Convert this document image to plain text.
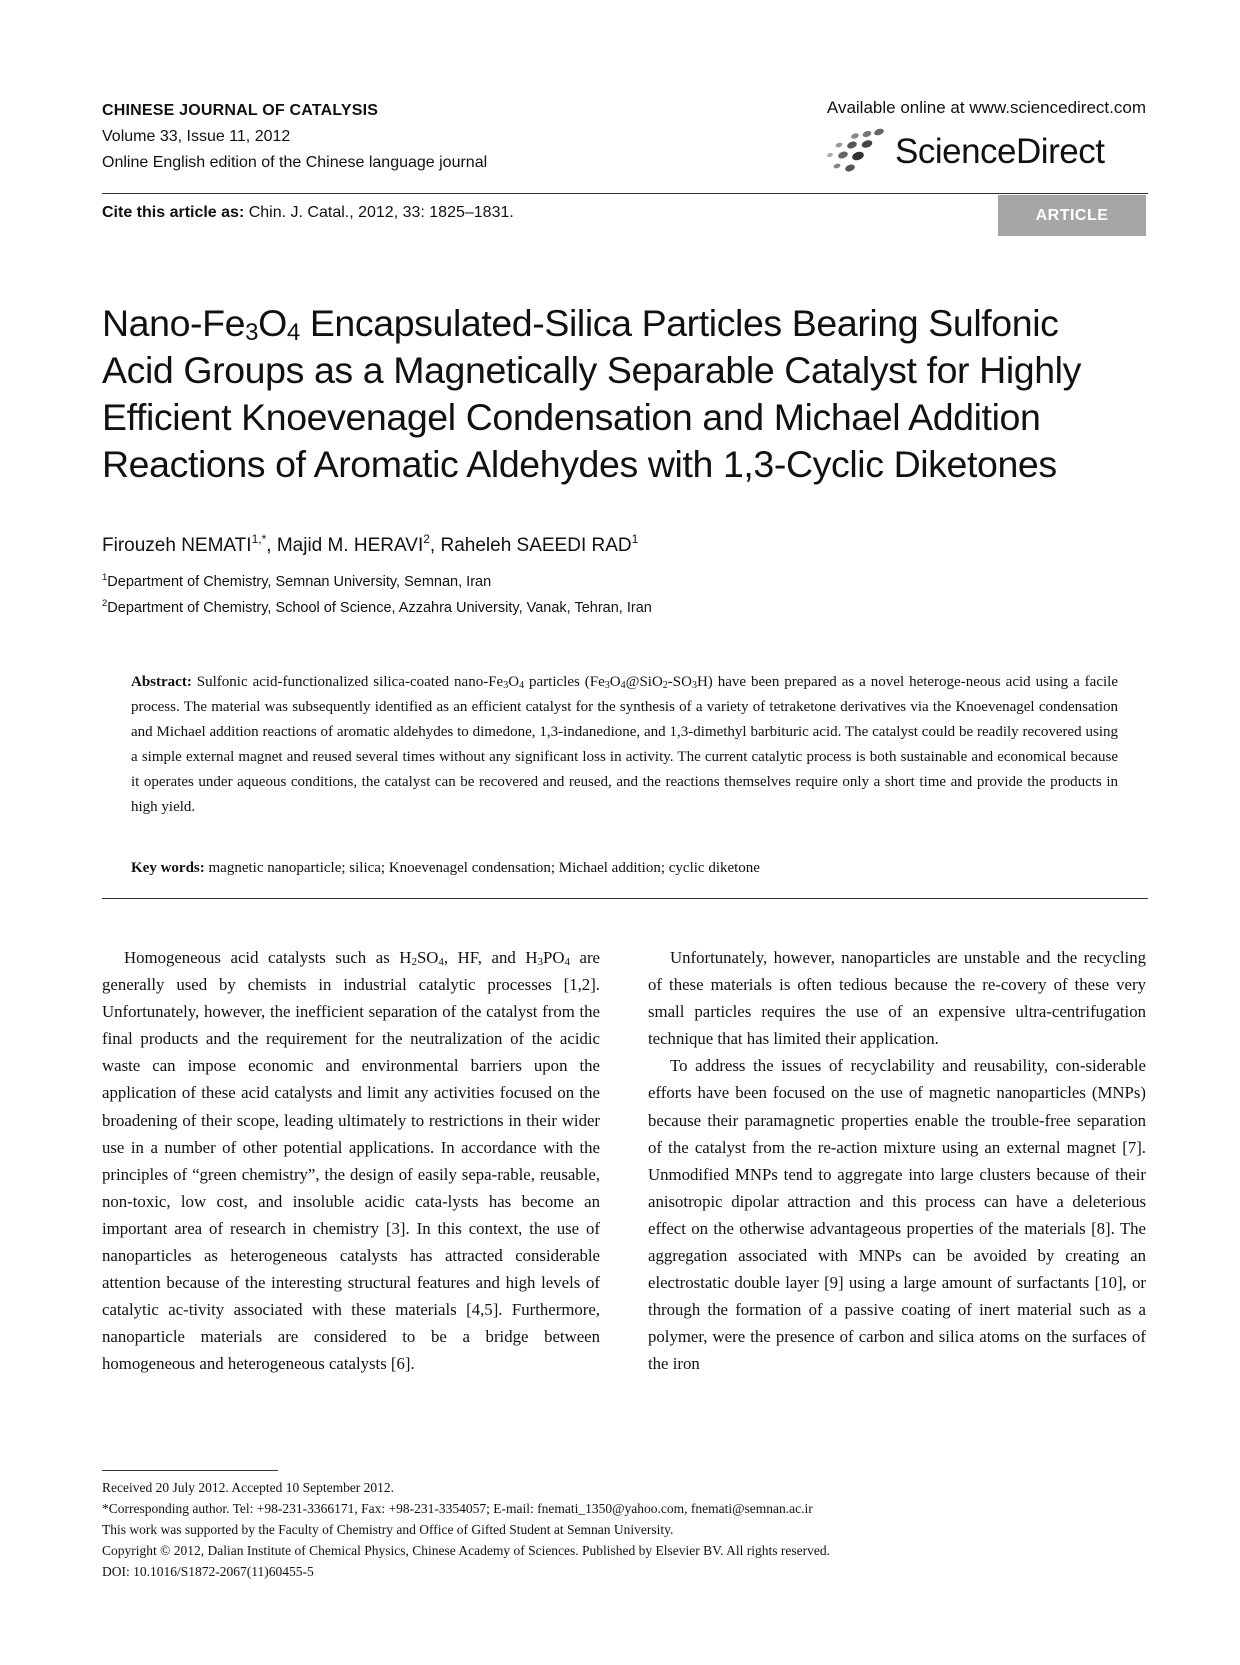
CHINESE JOURNAL OF CATALYSIS
Volume 33, Issue 11, 2012
Online English edition of the Chinese language journal
Available online at www.sciencedirect.com
ScienceDirect
Cite this article as: Chin. J. Catal., 2012, 33: 1825–1831.	ARTICLE
Nano-$Fe_3O_4$ Encapsulated-Silica Particles Bearing Sulfonic
Acid Groups as a Magnetically Separable Catalyst for Highly
Efficient Knoevenagel Condensation and Michael Addition
Reactions of Aromatic Aldehydes with 1,3-Cyclic Diketones
Firouzeh $NEMATI^{1,*}$, Majid M. HERAVI$^2$, Raheleh SAEEDI RAD$^1$
$^1$Department of Chemistry, Semnan University, Semnan, Iran
$^2$Department of Chemistry, School of Science, Azzahra University, Vanak, Tehran, Iran
Abstract: Sulfonic acid-functionalized silica-coated nano-$Fe_3O_4$ particles $(Fe_3O_4@SiO_2-SO_3H)$ have been prepared as a novel heteroge-neous acid using a facile process. The material was subsequently identified as an efficient catalyst for the synthesis of a variety of tetraketone derivatives via the Knoevenagel condensation and Michael addition reactions of aromatic aldehydes to dimedone, 1,3-indanedione, and 1,3-dimethyl barbituric acid. The catalyst could be readily recovered using a simple external magnet and reused several times without any significant loss in activity. The current catalytic process is both sustainable and economical because it operates under aqueous conditions, the catalyst can be recovered and reused, and the reactions themselves require only a short time and provide the products in high yield.
Key words: magnetic nanoparticle; silica; Knoevenagel condensation; Michael addition; cyclic diketone

Homogeneous acid catalysts such as $H_2SO_4$, HF, and $H_3PO_4$ are generally used by chemists in industrial catalytic processes [1,2]. Unfortunately, however, the inefficient separation of the catalyst from the final products and the requirement for the neutralization of the acidic waste can impose economic and environmental barriers upon the application of these acid catalysts and limit any activities focused on the broadening of their scope, leading ultimately to restrictions in their wider use in a number of other potential applications. In accordance with the principles of “green chemistry”, the design of easily sepa-rable, reusable, non-toxic, low cost, and insoluble acidic cata-lysts has become an important area of research in chemistry [3]. In this context, the use of nanoparticles as heterogeneous catalysts has attracted considerable attention because of the interesting structural features and high levels of catalytic ac-tivity associated with these materials [4,5]. Furthermore, nanoparticle materials are considered to be a bridge between homogeneous and heterogeneous catalysts [6].

Unfortunately, however, nanoparticles are unstable and the recycling of these materials is often tedious because the re-covery of these very small particles requires the use of an expensive ultra-centrifugation technique that has limited their application.

To address the issues of recyclability and reusability, con-siderable efforts have been focused on the use of magnetic nanoparticles (MNPs) because their paramagnetic properties enable the trouble-free separation of the catalyst from the re-action mixture using an external magnet [7]. Unmodified MNPs tend to aggregate into large clusters because of their anisotropic dipolar attraction and this process can have a deleterious effect on the otherwise advantageous properties of the materials [8]. The aggregation associated with MNPs can be avoided by creating an electrostatic double layer [9] using a large amount of surfactants [10], or through the formation of a passive coating of inert material such as a polymer, were the presence of carbon and silica atoms on the surfaces of the iron

Received 20 July 2012. Accepted 10 September 2012.
*Corresponding author. Tel: +98-231-3366171, Fax: +98-231-3354057; E-mail: fnemati_1350@yahoo.com, fnemati@semnan.ac.ir
This work was supported by the Faculty of Chemistry and Office of Gifted Student at Semnan University.
Copyright © 2012, Dalian Institute of Chemical Physics, Chinese Academy of Sciences. Published by Elsevier BV. All rights reserved.
DOI: 10.1016/S1872-2067(11)60455-5
